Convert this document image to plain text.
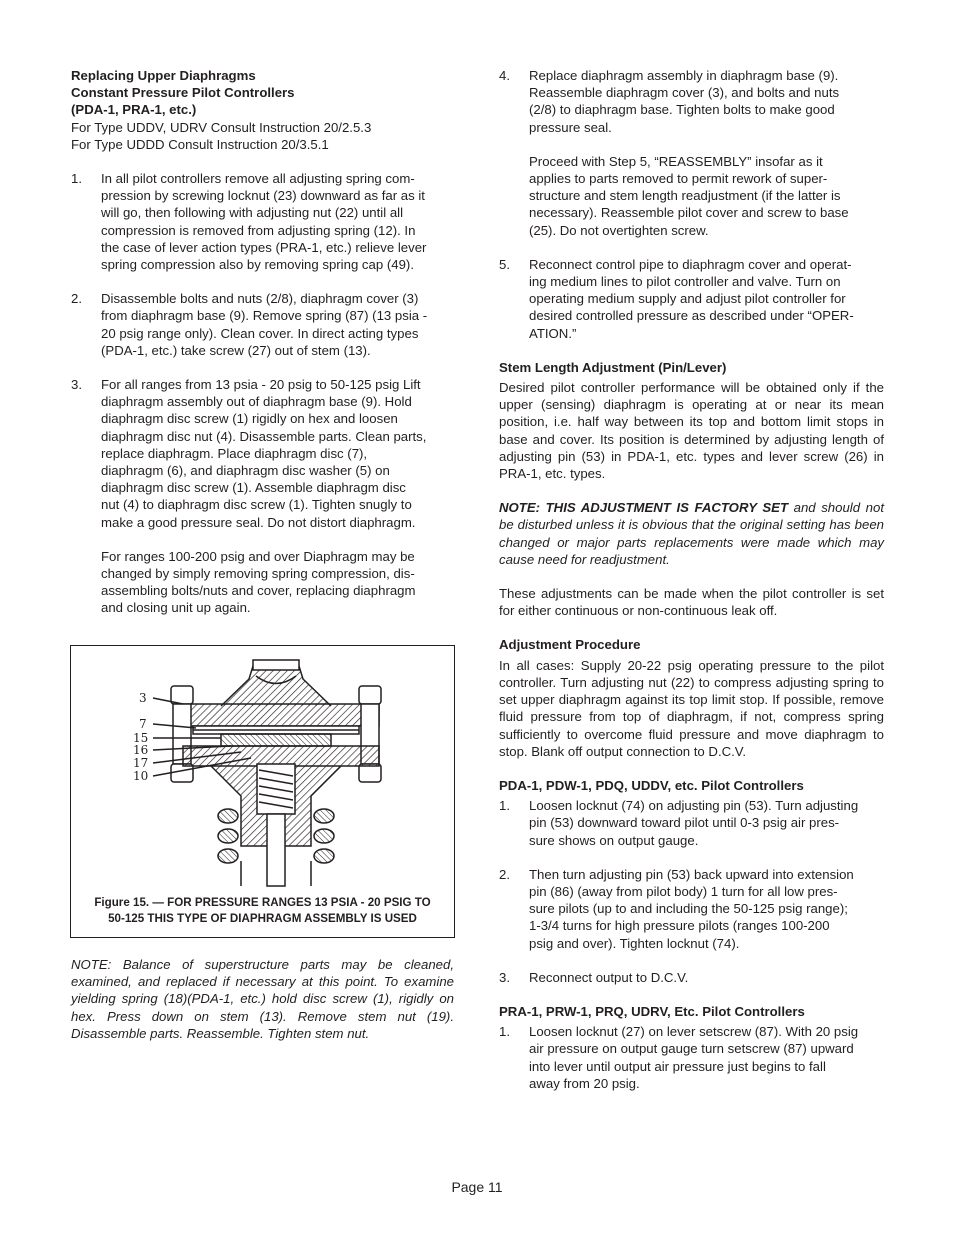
Replacing Upper Diaphragms
Constant Pressure Pilot Controllers
(PDA-1, PRA-1, etc.)
For Type UDDV, UDRV Consult Instruction 20/2.5.3
For Type UDDD Consult Instruction 20/3.5.1
1.	In all pilot controllers remove all adjusting spring com-
pression by screwing locknut (23) downward as far as it
will go, then following with adjusting nut (22) until all
compression is removed from adjusting spring (12). In
the case of lever action types (PRA-1, etc.) relieve lever
spring compression also by removing spring cap (49).
2.	Disassemble bolts and nuts (2/8), diaphragm cover (3)
from diaphragm base (9). Remove spring (87) (13 psia -
20 psig range only). Clean cover. In direct acting types
(PDA-1, etc.) take screw (27) out of stem (13).
3.	For all ranges from 13 psia - 20 psig to 50-125 psig Lift
diaphragm assembly out of diaphragm base (9). Hold
diaphragm disc screw (1) rigidly on hex and loosen
diaphragm disc nut (4). Disassemble parts. Clean parts,
replace diaphragm. Place diaphragm disc (7),
diaphragm (6), and diaphragm disc washer (5) on
diaphragm disc screw (1). Assemble diaphragm disc
nut (4) to diaphragm disc screw (1). Tighten snugly to
make a good pressure seal. Do not distort diaphragm.
For ranges 100-200 psig and over Diaphragm may be
changed by simply removing spring compression, dis-
assembling bolts/nuts and cover, replacing diaphragm
and closing unit up again.
3
7
15
16
17
10
Figure 15. — FOR PRESSURE RANGES 13 PSIA - 20 PSIG TO
50-125 THIS TYPE OF DIAPHRAGM ASSEMBLY IS USED
NOTE: Balance of superstructure parts may be cleaned, examined, and replaced if necessary at this point. To examine yielding spring (18)(PDA-1, etc.) hold disc screw (1), rigidly on hex. Press down on stem (13). Remove stem nut (19). Disassemble parts. Reassemble. Tighten stem nut.
4.	Replace diaphragm assembly in diaphragm base (9).
Reassemble diaphragm cover (3), and bolts and nuts
(2/8) to diaphragm base. Tighten bolts to make good
pressure seal.
Proceed with Step 5, “REASSEMBLY” insofar as it
applies to parts removed to permit rework of super-
structure and stem length readjustment (if the latter is
necessary). Reassemble pilot cover and screw to base
(25). Do not overtighten screw.
5.	Reconnect control pipe to diaphragm cover and operat-
ing medium lines to pilot controller and valve. Turn on
operating medium supply and adjust pilot controller for
desired controlled pressure as described under “OPER-
ATION.”
Stem Length Adjustment (Pin/Lever)
Desired pilot controller performance will be obtained only if the upper (sensing) diaphragm is operating at or near its mean position, i.e. half way between its top and bottom limit stops in base and cover. Its position is determined by adjusting length of adjusting pin (53) in PDA-1, etc. types and lever screw (26) in PRA-1, etc. types.
NOTE: THIS ADJUSTMENT IS FACTORY SET and should not be disturbed unless it is obvious that the original setting has been changed or major parts replacements were made which may cause need for readjustment.
These adjustments can be made when the pilot controller is set for either continuous or non-continuous leak off.
Adjustment Procedure
In all cases: Supply 20-22 psig operating pressure to the pilot controller. Turn adjusting nut (22) to compress adjusting spring to set upper diaphragm against its top limit stop. If possible, remove fluid pressure from top of diaphragm, if not, compress spring sufficiently to overcome fluid pressure and move diaphragm to stop. Blank off output connection to D.C.V.
PDA-1, PDW-1, PDQ, UDDV, etc. Pilot Controllers
1.	Loosen locknut (74) on adjusting pin (53). Turn adjusting
pin (53) downward toward pilot until 0-3 psig air pres-
sure shows on output gauge.
2.	Then turn adjusting pin (53) back upward into extension
pin (86) (away from pilot body) 1 turn for all low pres-
sure pilots (up to and including the 50-125 psig range);
1-3/4 turns for high pressure pilots (ranges 100-200
psig and over). Tighten locknut (74).
3.	Reconnect output to D.C.V.
PRA-1, PRW-1, PRQ, UDRV, Etc. Pilot Controllers
1.	Loosen locknut (27) on lever setscrew (87). With 20 psig
air pressure on output gauge turn setscrew (87) upward
into lever until output air pressure just begins to fall
away from 20 psig.
Page 11
